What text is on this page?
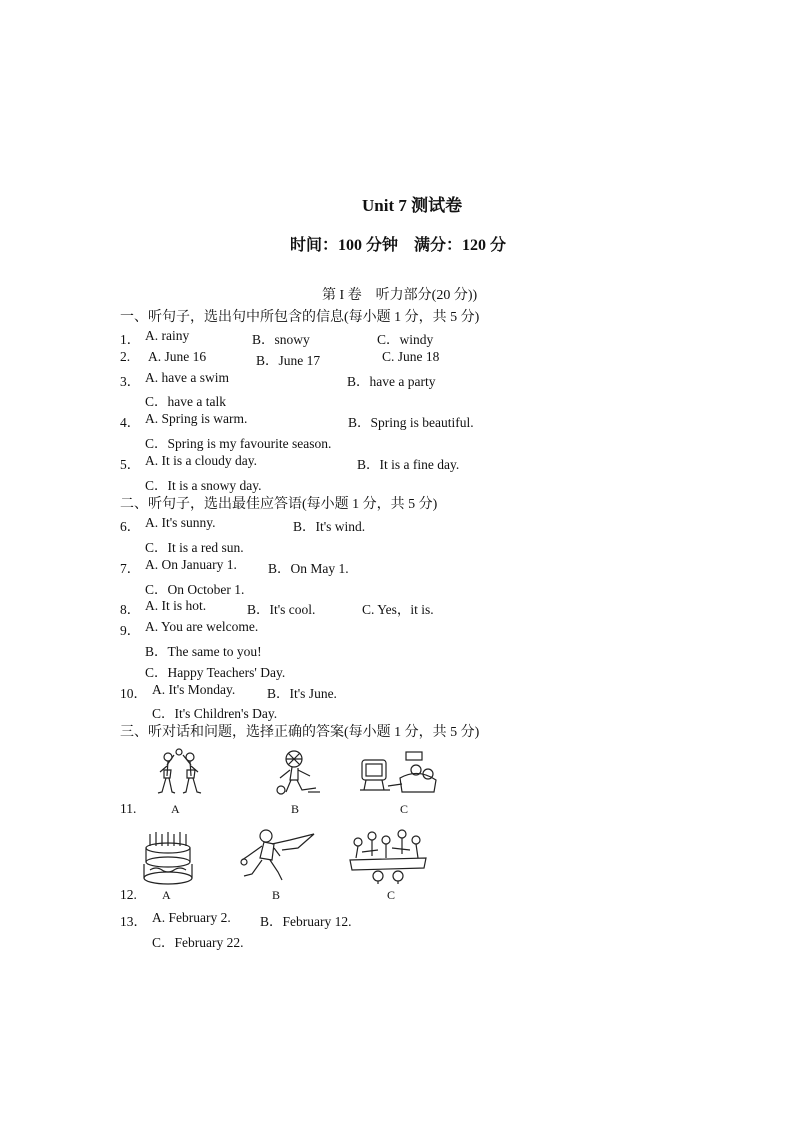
Unit 7 测试卷
时间：100 分钟　满分：120 分
第 I 卷　听力部分(20 分))
一、听句子，选出句中所包含的信息(每小题 1 分，共 5 分)
1． A. rainy	B．snowy	C．windy
2. A. June 16	B．June 17	C. June 18
3． A. have a swim	B．have a party
C．have a talk
4． A. Spring is warm.	B．Spring is beautiful.
C．Spring is my favourite season.
5． A. It is a cloudy day.	B．It is a fine day.
C．It is a snowy day.
二、听句子，选出最佳应答语(每小题 1 分，共 5 分)
6． A. It's sunny.	B．It's wind.
C．It is a red sun.
7． A. On January 1. B．On May 1.
C．On October 1.
8． A. It is hot.	B．It's cool.	C. Yes，it is.
9． A. You are welcome.
B．The same to you!
C．Happy Teachers' Day.
10． A. It's Monday. B．It's June.
C．It's Children's Day.
三、听对话和问题，选择正确的答案(每小题 1 分，共 5 分)
11.	A	B	C
12. A	B	C
13． A. February 2. B．February 12.
C．February 22.
